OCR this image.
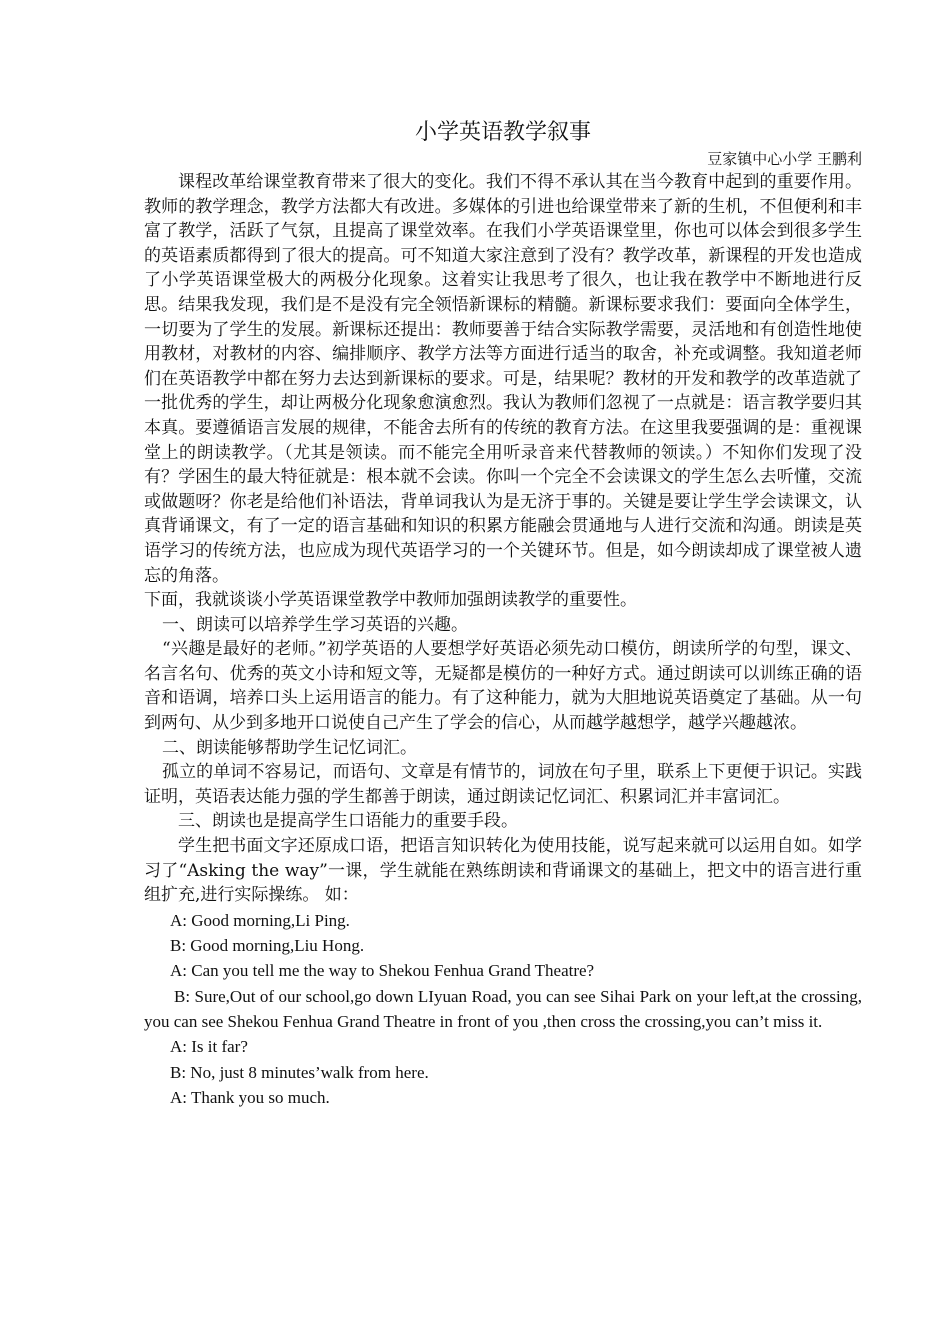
小学英语教学叙事

豆家镇中心小学 王鹏利

课程改革给课堂教育带来了很大的变化。我们不得不承认其在当今教育中起到的重要作用。教师的教学理念，教学方法都大有改进。多媒体的引进也给课堂带来了新的生机，不但便利和丰富了教学，活跃了气氛，且提高了课堂效率。在我们小学英语课堂里，你也可以体会到很多学生的英语素质都得到了很大的提高。可不知道大家注意到了没有？教学改革，新课程的开发也造成了小学英语课堂极大的两极分化现象。这着实让我思考了很久，也让我在教学中不断地进行反思。结果我发现，我们是不是没有完全领悟新课标的精髓。新课标要求我们：要面向全体学生，一切要为了学生的发展。新课标还提出：教师要善于结合实际教学需要，灵活地和有创造性地使用教材，对教材的内容、编排顺序、教学方法等方面进行适当的取舍，补充或调整。我知道老师们在英语教学中都在努力去达到新课标的要求。可是，结果呢？教材的开发和教学的改革造就了一批优秀的学生，却让两极分化现象愈演愈烈。我认为教师们忽视了一点就是：语言教学要归其本真。要遵循语言发展的规律，不能舍去所有的传统的教育方法。在这里我要强调的是：重视课堂上的朗读教学。（尤其是领读。而不能完全用听录音来代替教师的领读。）不知你们发现了没有？学困生的最大特征就是：根本就不会读。你叫一个完全不会读课文的学生怎么去听懂，交流或做题呀？你老是给他们补语法，背单词我认为是无济于事的。关键是要让学生学会读课文，认真背诵课文，有了一定的语言基础和知识的积累方能融会贯通地与人进行交流和沟通。朗读是英语学习的传统方法，也应成为现代英语学习的一个关键环节。但是，如今朗读却成了课堂被人遗忘的角落。

下面，我就谈谈小学英语课堂教学中教师加强朗读教学的重要性。

一、朗读可以培养学生学习英语的兴趣。

“兴趣是最好的老师。”初学英语的人要想学好英语必须先动口模仿，朗读所学的句型，课文、名言名句、优秀的英文小诗和短文等，无疑都是模仿的一种好方式。通过朗读可以训练正确的语音和语调，培养口头上运用语言的能力。有了这种能力，就为大胆地说英语奠定了基础。从一句到两句、从少到多地开口说使自己产生了学会的信心，从而越学越想学，越学兴趣越浓。

二、朗读能够帮助学生记忆词汇。

孤立的单词不容易记，而语句、文章是有情节的，词放在句子里，联系上下更便于识记。实践证明，英语表达能力强的学生都善于朗读，通过朗读记忆词汇、积累词汇并丰富词汇。

三、朗读也是提高学生口语能力的重要手段。

学生把书面文字还原成口语，把语言知识转化为使用技能，说写起来就可以运用自如。如学习了“Asking the way”一课，学生就能在熟练朗读和背诵课文的基础上，把文中的语言进行重组扩充,进行实际操练。 如：

A: Good morning,Li Ping.

B: Good morning,Liu Hong.

A: Can you tell me the way to Shekou Fenhua Grand Theatre?

B: Sure,Out of our school,go down LIyuan Road, you can see Sihai Park on your left,at the crossing, you can see Shekou Fenhua Grand Theatre in front of you ,then cross the crossing,you can’t miss it.

A: Is it far?

B: No, just 8 minutes’walk from here.

A: Thank you so much.
